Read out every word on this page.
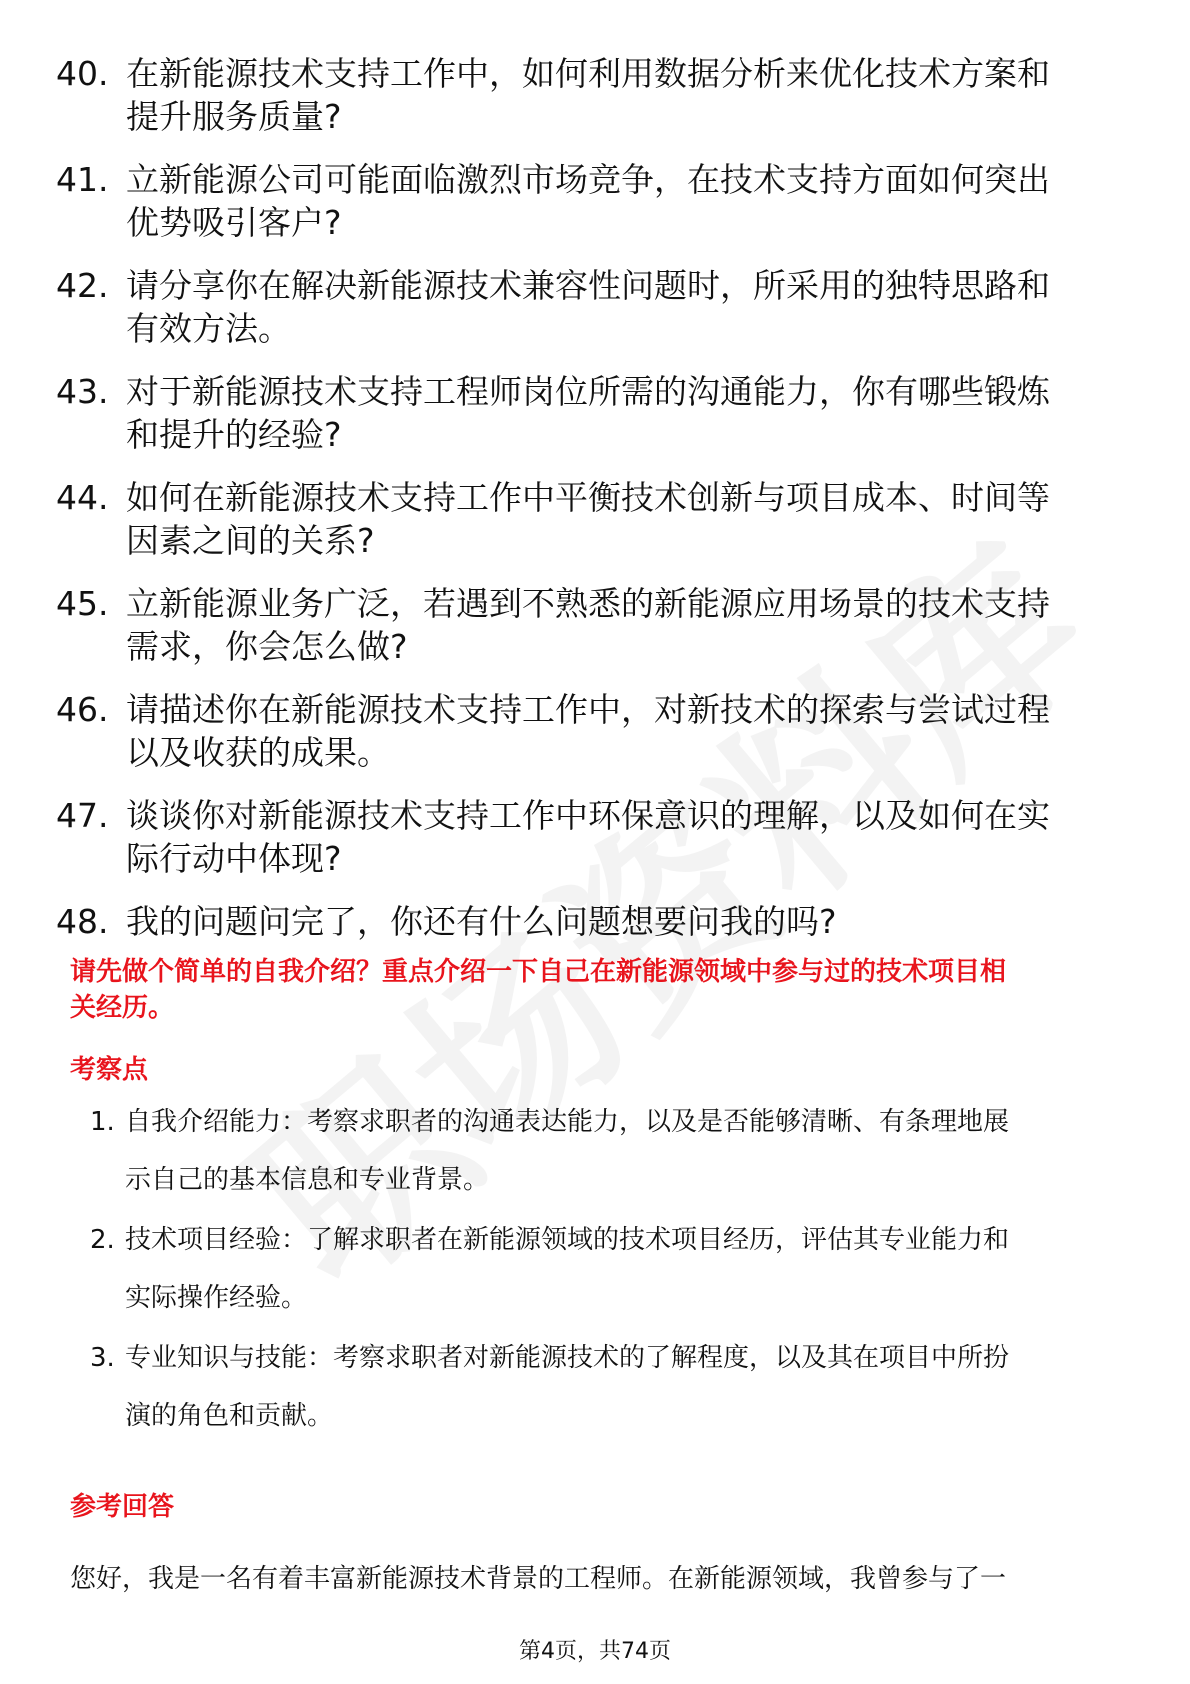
40. 在新能源技术支持工作中，如何利用数据分析来优化技术方案和
提升服务质量?
41. 立新能源公司可能面临激烈市场竞争，在技术支持方面如何突出
优势吸引客户?
42. 请分享你在解决新能源技术兼容性问题时，所采用的独特思路和
有效方法。
43. 对于新能源技术支持工程师岗位所需的沟通能力，你有哪些锻炼
和提升的经验?
44. 如何在新能源技术支持工作中平衡技术创新与项目成本、时间等
因素之间的关系?
45. 立新能源业务广泛，若遇到不熟悉的新能源应用场景的技术支持
需求，你会怎么做?
46. 请描述你在新能源技术支持工作中，对新技术的探索与尝试过程
以及收获的成果。
47. 谈谈你对新能源技术支持工作中环保意识的理解，以及如何在实
际行动中体现?
48. 我的问题问完了，你还有什么问题想要问我的吗?
请先做个简单的自我介绍？重点介绍一下自己在新能源领域中参与过的技术项目相
关经历。
考察点
1. 自我介绍能力：考察求职者的沟通表达能力，以及是否能够清晰、有条理地展
示自己的基本信息和专业背景。
2. 技术项目经验：了解求职者在新能源领域的技术项目经历，评估其专业能力和
实际操作经验。
3. 专业知识与技能：考察求职者对新能源技术的了解程度，以及其在项目中所扮
演的角色和贡献。
参考回答
您好，我是一名有着丰富新能源技术背景的工程师。在新能源领域，我曾参与了一
第4页，共74页
